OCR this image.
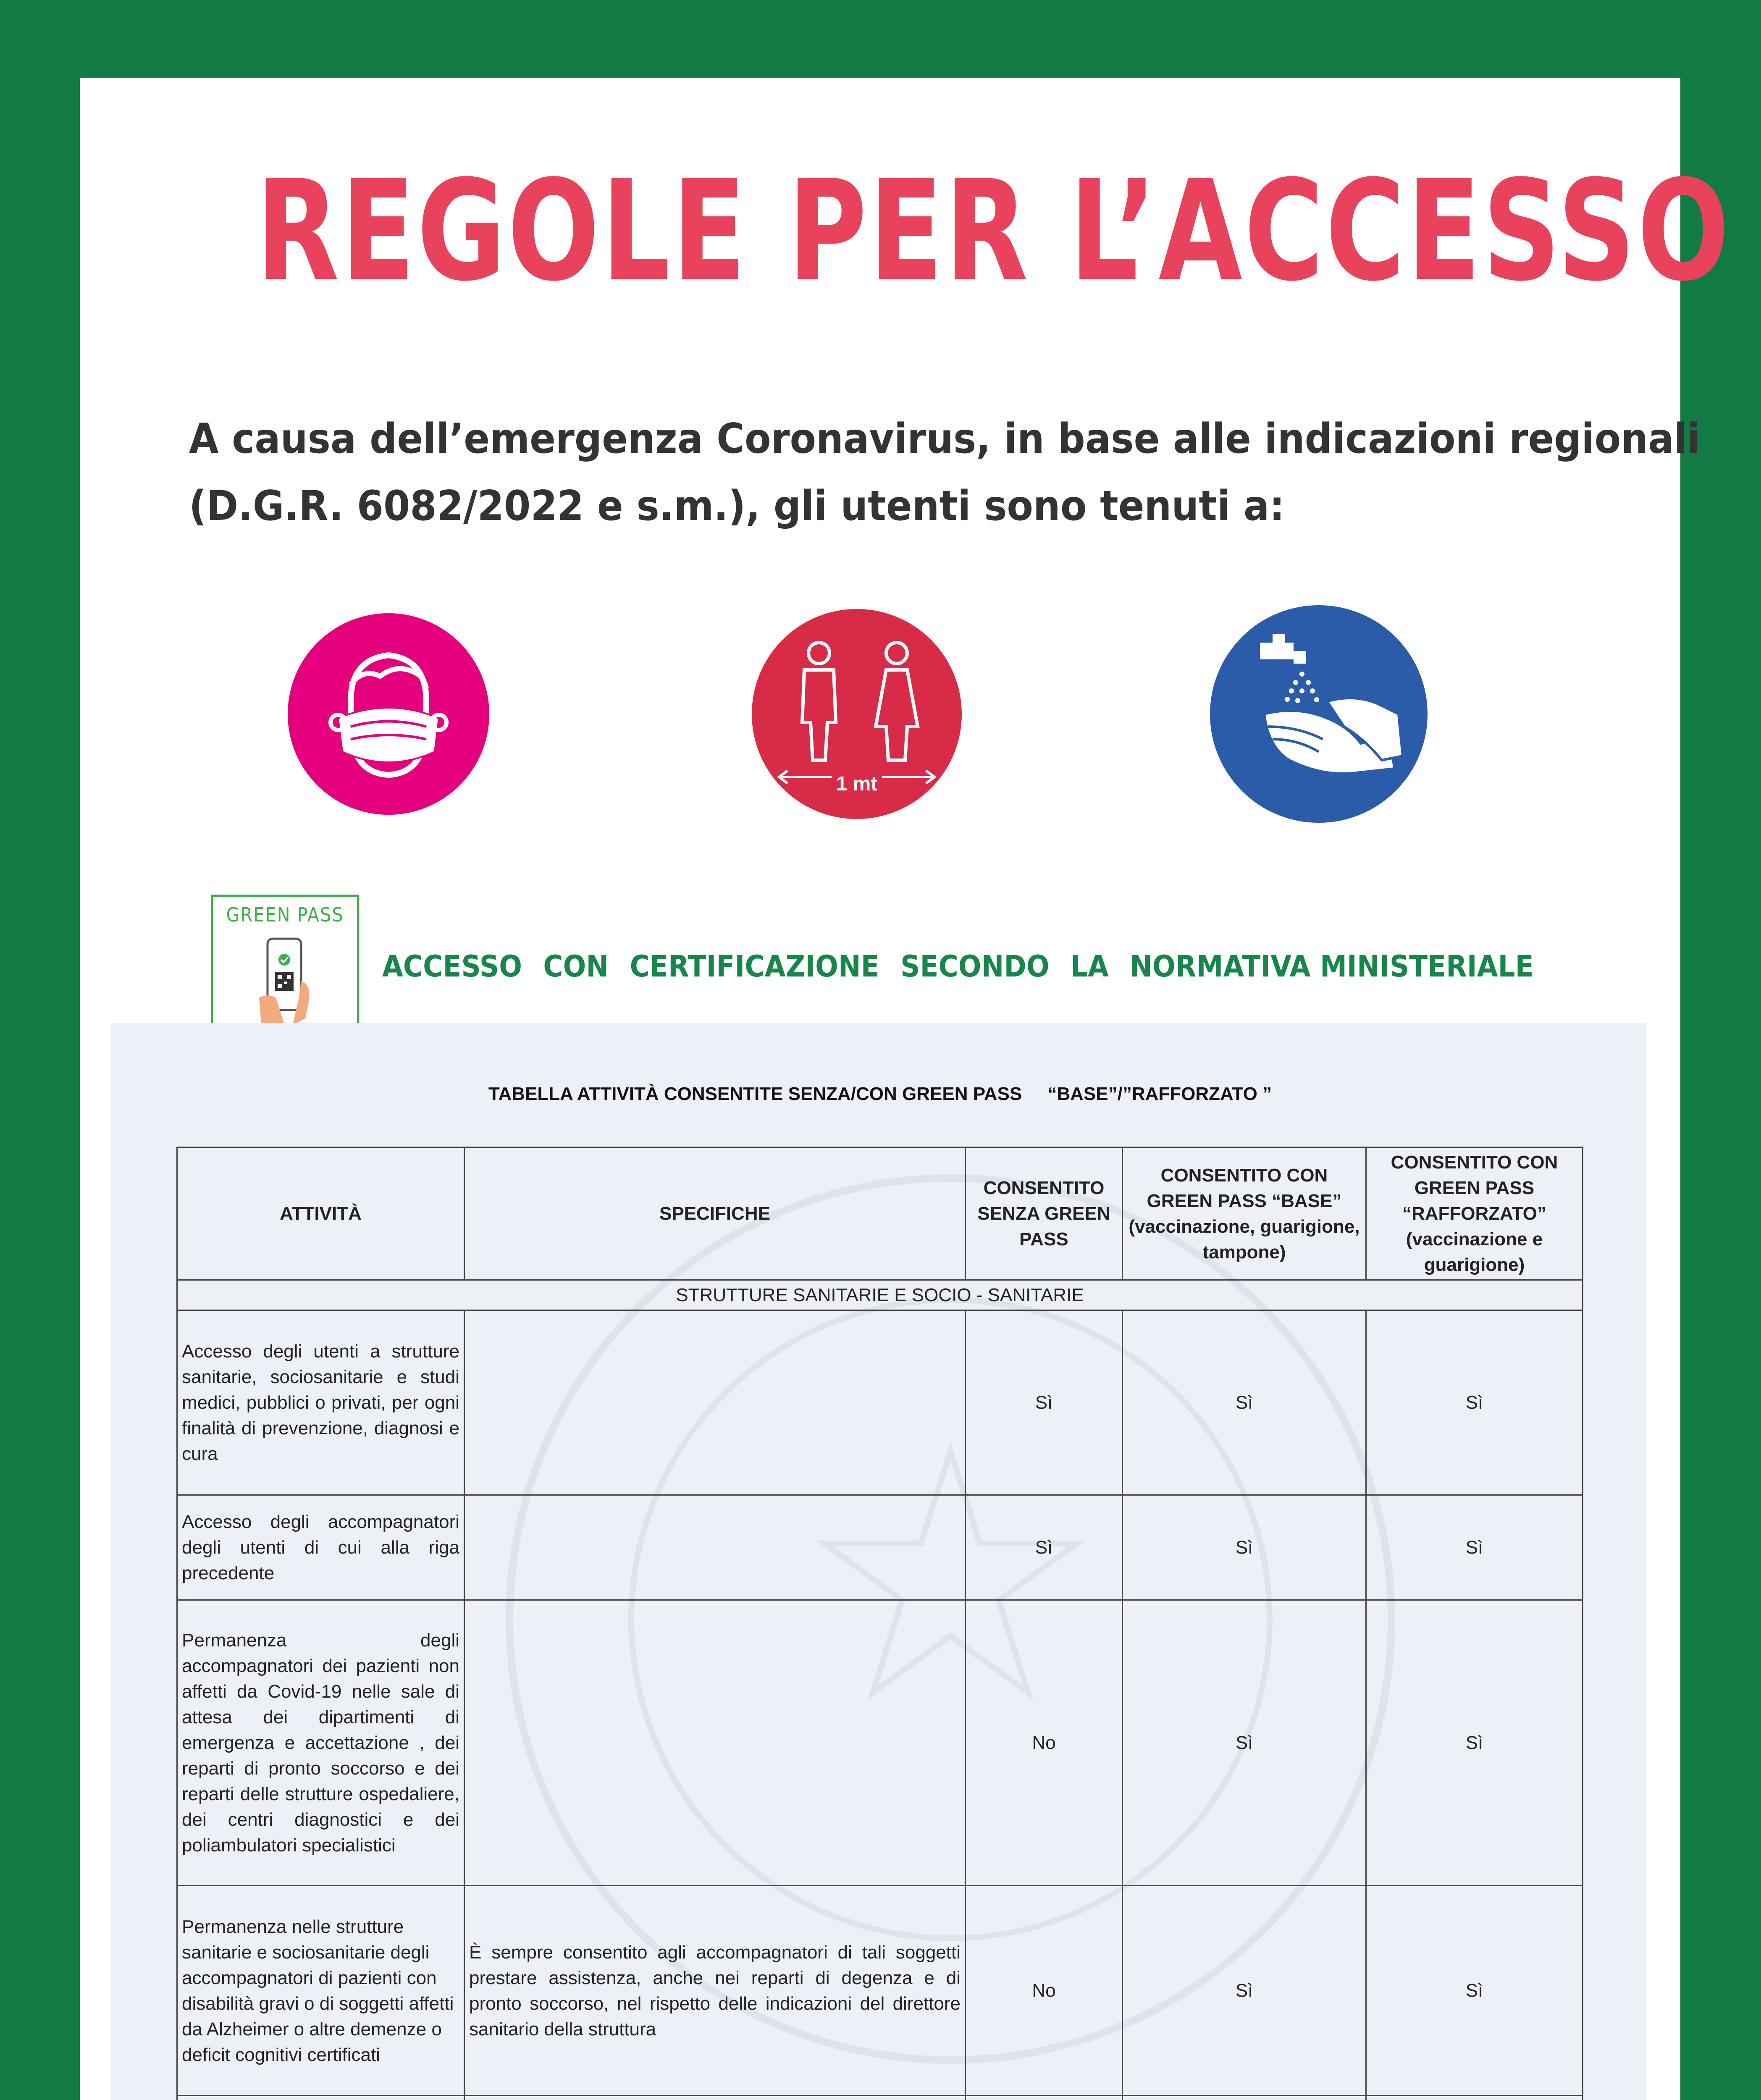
REGOLE PER L’ACCESSO
A causa dell’emergenza Coronavirus, in base alle indicazioni regionali
(D.G.R. 6082/2022 e s.m.), gli utenti sono tenuti a:
1 mt
GREEN PASS
ACCESSO CON CERTIFICAZIONE SECONDO LA NORMATIVA MINISTERIALE
TABELLA ATTIVITÀ CONSENTITE SENZA/CON GREEN PASS     “BASE”/”RAFFORZATO ”
ATTIVITÀ	SPECIFICHE	CONSENTITO SENZA GREEN PASS	CONSENTITO CON GREEN PASS “BASE” (vaccinazione, guarigione, tampone)	CONSENTITO CON GREEN PASS “RAFFORZATO” (vaccinazione e guarigione)
STRUTTURE SANITARIE E SOCIO - SANITARIE				
Accesso degli utenti a strutture sanitarie, sociosanitarie e studi medici, pubblici o privati, per ogni finalità di prevenzione, diagnosi e cura		Sì	Sì	Sì
Accesso degli accompagnatori degli utenti di cui alla riga precedente		Sì	Sì	Sì
Permanenza degli accompagnatori dei pazienti non affetti da Covid-19 nelle sale di attesa dei dipartimenti di emergenza e accettazione , dei reparti di pronto soccorso e dei reparti delle strutture ospedaliere, dei centri diagnostici e dei poliambulatori specialistici		No	Sì	Sì
Permanenza nelle strutture sanitarie e sociosanitarie degli accompagnatori di pazienti con disabilità gravi o di soggetti affetti da Alzheimer o altre demenze o deficit cognitivi certificati	È sempre consentito agli accompagnatori di tali soggetti prestare assistenza, anche nei reparti di degenza e di pronto soccorso, nel rispetto delle indicazioni del direttore sanitario della struttura	No	Sì	Sì
